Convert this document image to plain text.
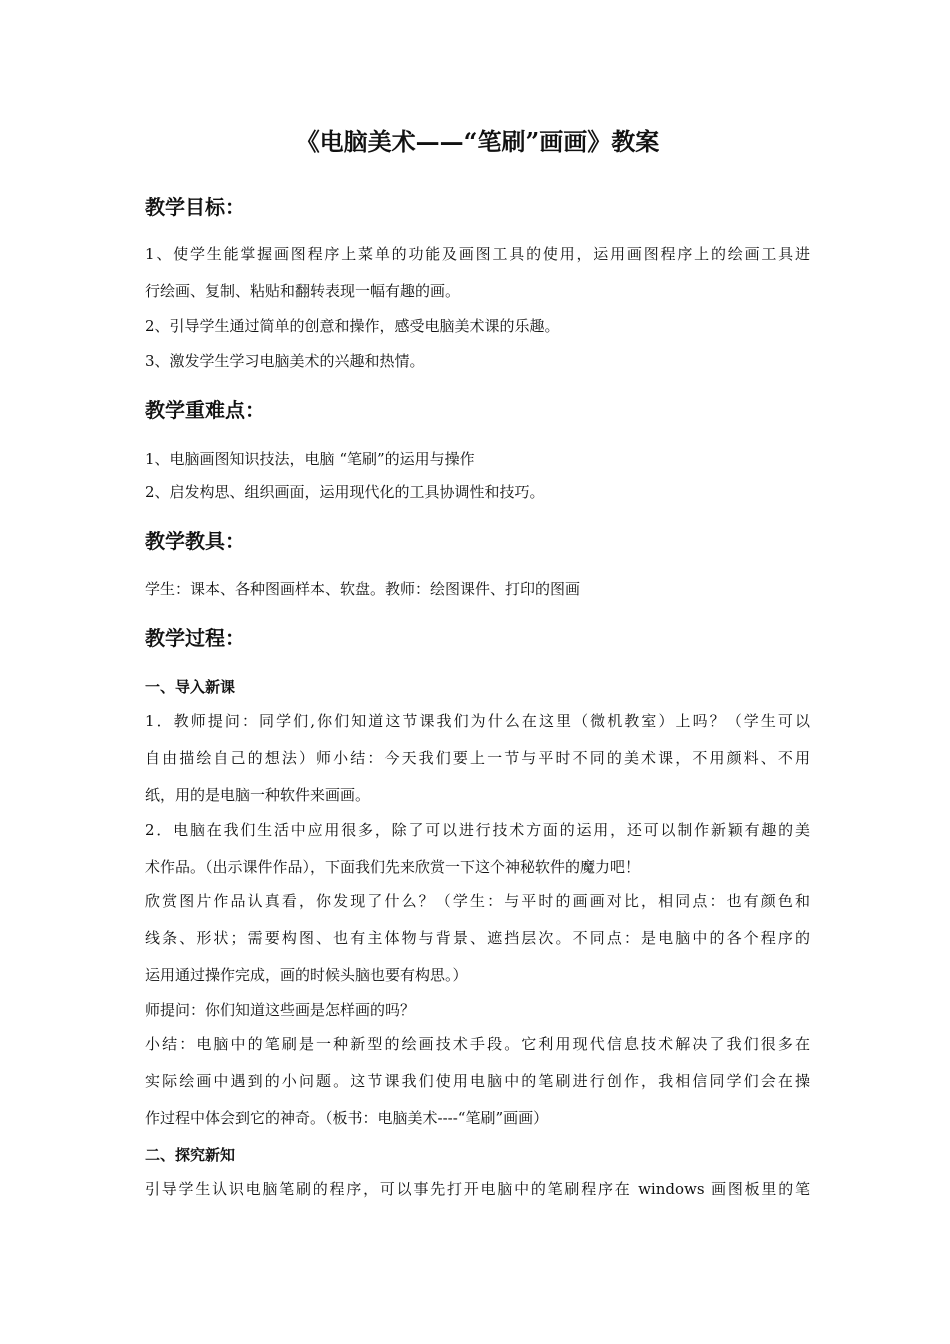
《电脑美术——“笔刷”画画》教案
教学目标：
1、使学生能掌握画图程序上菜单的功能及画图工具的使用，运用画图程序上的绘画工具进
行绘画、复制、粘贴和翻转表现一幅有趣的画。
2、引导学生通过简单的创意和操作，感受电脑美术课的乐趣。
3、激发学生学习电脑美术的兴趣和热情。
教学重难点：
1、电脑画图知识技法，电脑 “笔刷”的运用与操作
2、启发构思、组织画面，运用现代化的工具协调性和技巧。
教学教具：
学生：课本、各种图画样本、软盘。教师：绘图课件、打印的图画
教学过程：
一、导入新课
1．教师提问：同学们,你们知道这节课我们为什么在这里（微机教室）上吗？（学生可以
自由描绘自己的想法）师小结：今天我们要上一节与平时不同的美术课，不用颜料、不用
纸，用的是电脑一种软件来画画。
2．电脑在我们生活中应用很多，除了可以进行技术方面的运用，还可以制作新颖有趣的美
术作品。（出示课件作品），下面我们先来欣赏一下这个神秘软件的魔力吧！
欣赏图片作品认真看，你发现了什么？（学生：与平时的画画对比，相同点：也有颜色和
线条、形状；需要构图、也有主体物与背景、遮挡层次。不同点：是电脑中的各个程序的
运用通过操作完成，画的时候头脑也要有构思。）
师提问：你们知道这些画是怎样画的吗？
小结：电脑中的笔刷是一种新型的绘画技术手段。它利用现代信息技术解决了我们很多在
实际绘画中遇到的小问题。这节课我们使用电脑中的笔刷进行创作，我相信同学们会在操
作过程中体会到它的神奇。（板书：电脑美术----“笔刷”画画）
二、探究新知
引导学生认识电脑笔刷的程序，可以事先打开电脑中的笔刷程序在 windows 画图板里的笔
